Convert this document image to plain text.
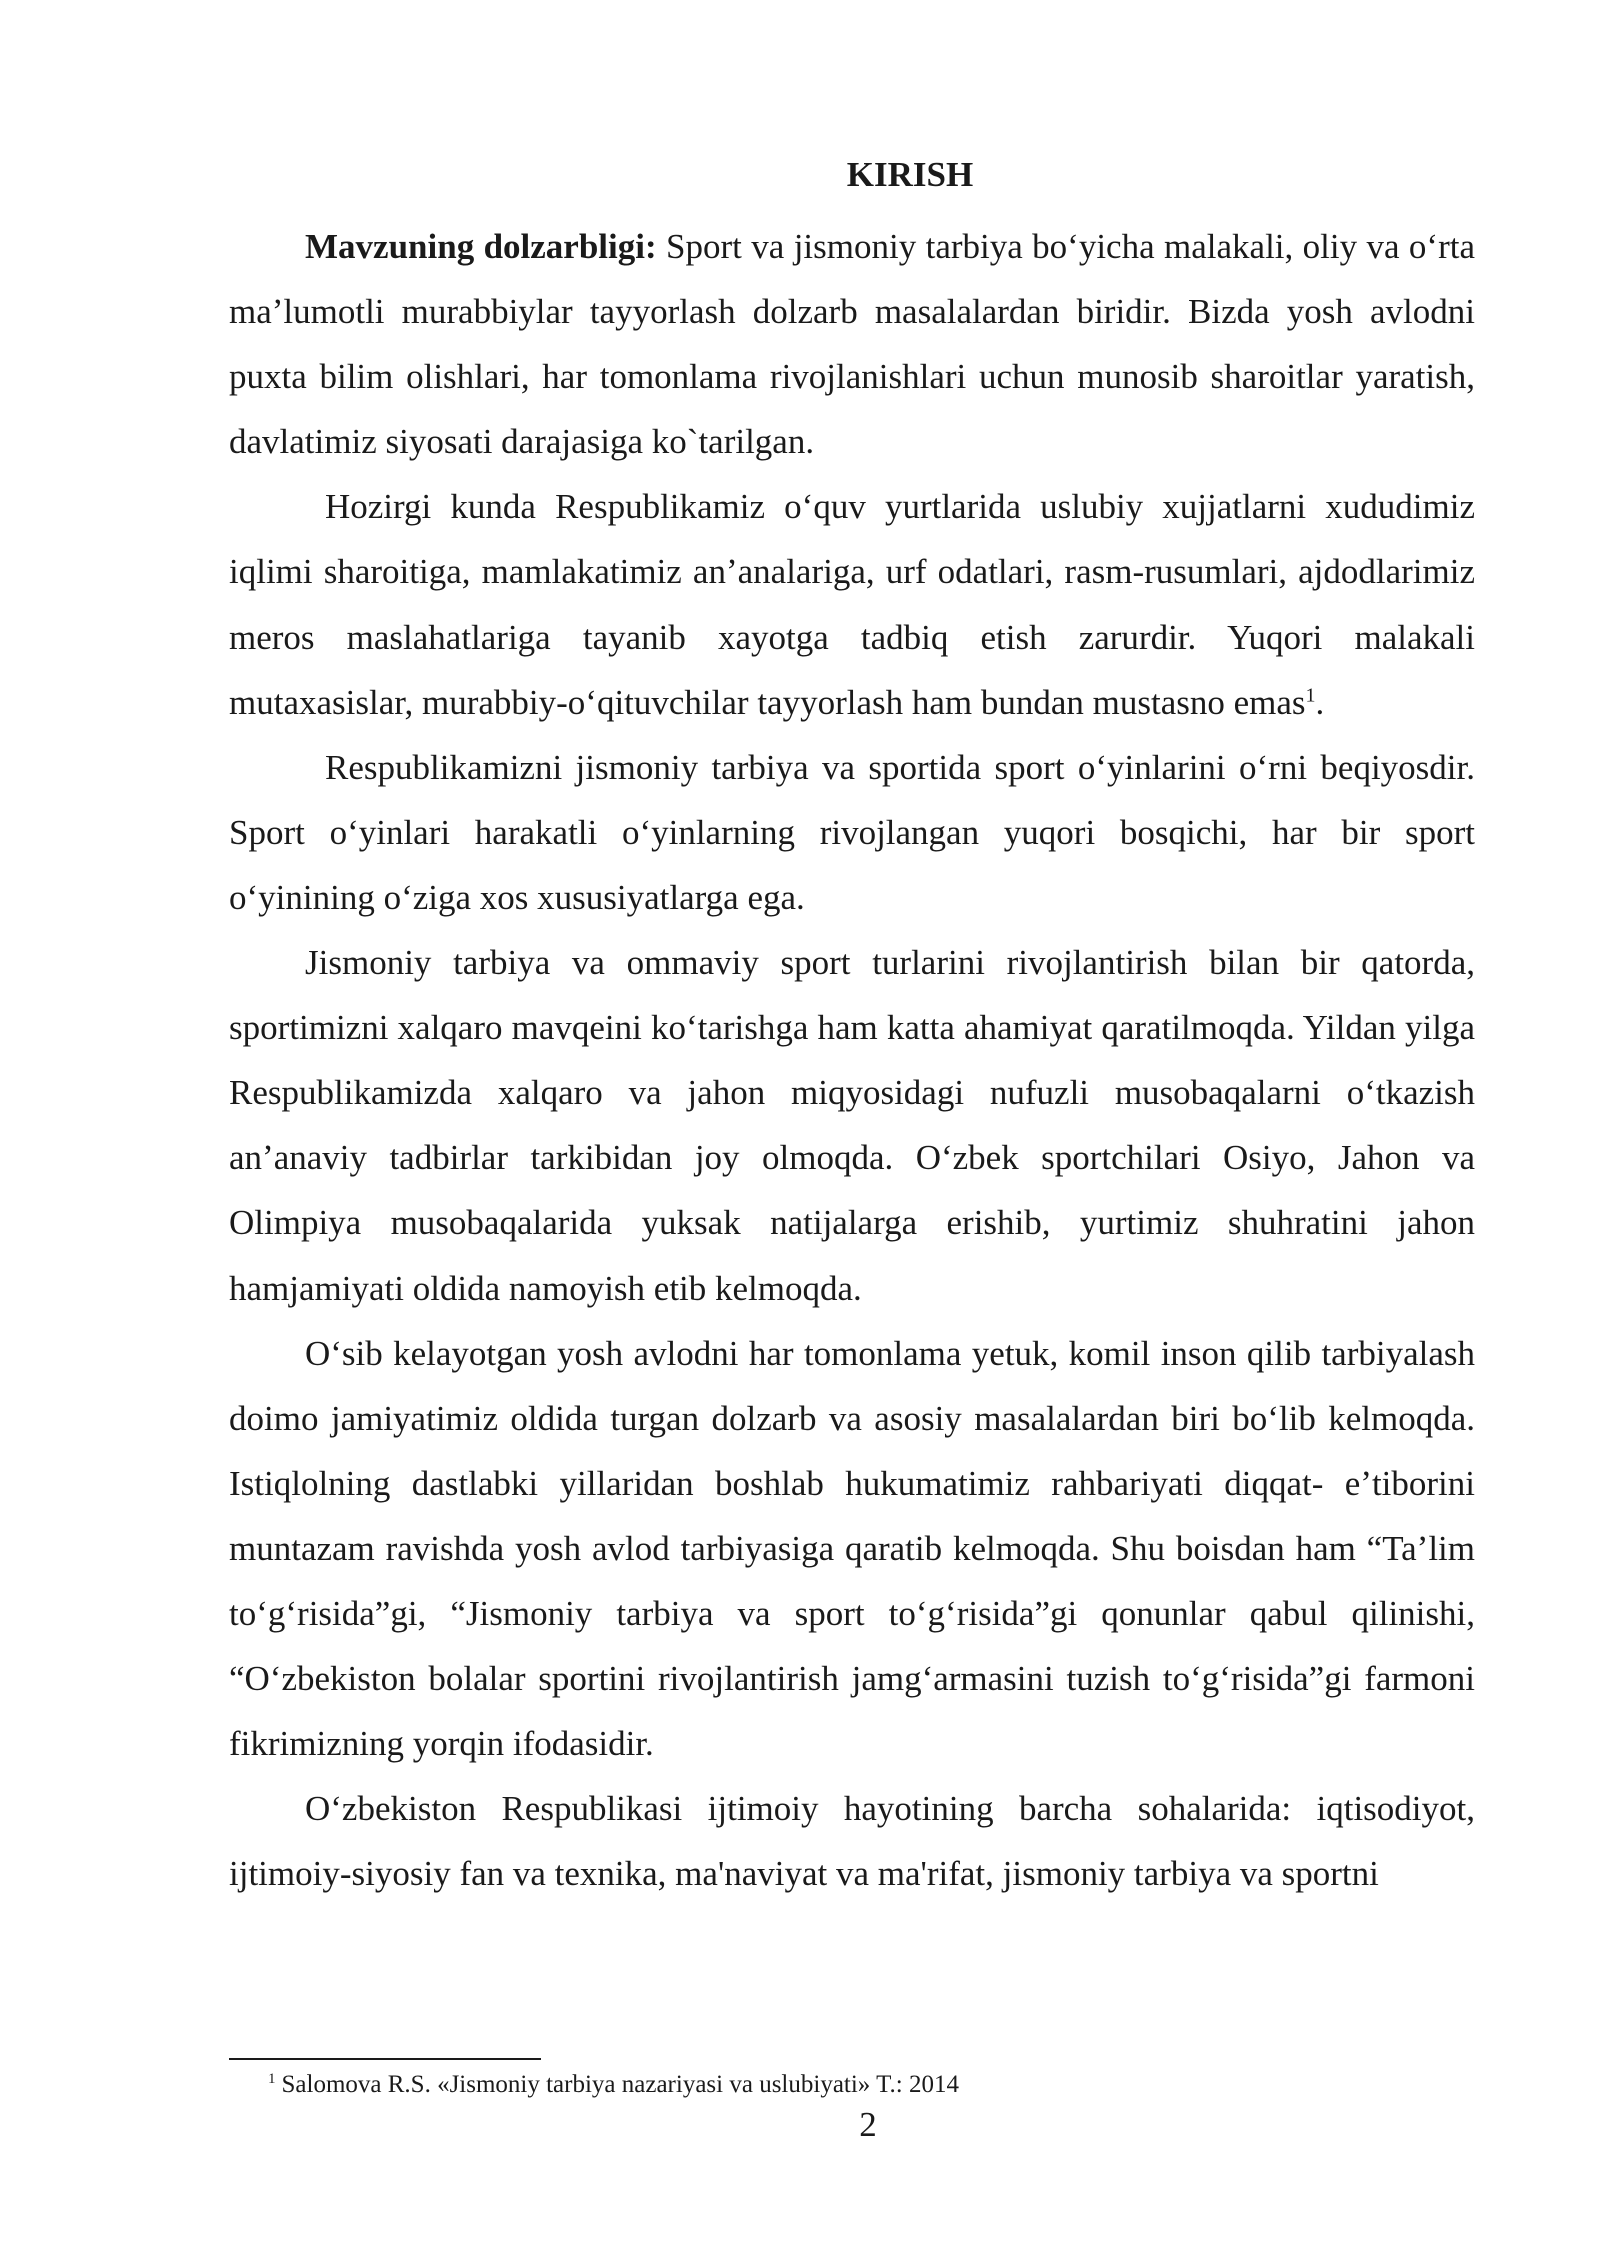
KIRISH

Mavzuning dolzarbligi: Sport va jismoniy tarbiya boʻyicha malakali, oliy va oʻrta maʼlumotli murabbiylar tayyorlash dolzarb masalalardan biridir. Bizda yosh avlodni puxta bilim olishlari, har tomonlama rivojlanishlari uchun munosib sharoitlar yaratish, davlatimiz siyosati darajasiga ko`tarilgan.

Hozirgi kunda Respublikamiz oʻquv yurtlarida uslubiy xujjatlarni xududimiz iqlimi sharoitiga, mamlakatimiz anʼanalariga, urf odatlari, rasm-rusumlari, ajdodlarimiz meros maslahatlariga tayanib xayotga tadbiq etish zarurdir. Yuqori malakali mutaxasislar, murabbiy-oʻqituvchilar tayyorlash ham bundan mustasno emas$^1$.

Respublikamizni jismoniy tarbiya va sportida sport oʻyinlarini oʻrni beqiyosdir. Sport oʻyinlari harakatli oʻyinlarning rivojlangan yuqori bosqichi, har bir sport oʻyinining oʻziga xos xususiyatlarga ega.

Jismoniy tarbiya va ommaviy sport turlarini rivojlantirish bilan bir qatorda, sportimizni xalqaro mavqeini koʻtarishga ham katta ahamiyat qaratilmoqda. Yildan yilga Respublikamizda xalqaro va jahon miqyosidagi nufuzli musobaqalarni oʻtkazish anʼanaviy tadbirlar tarkibidan joy olmoqda. Oʻzbek sportchilari Osiyo, Jahon va Olimpiya musobaqalarida yuksak natijalarga erishib, yurtimiz shuhratini jahon hamjamiyati oldida namoyish etib kelmoqda.

Oʻsib kelayotgan yosh avlodni har tomonlama yetuk, komil inson qilib tarbiyalash doimo jamiyatimiz oldida turgan dolzarb va asosiy masalalardan biri boʻlib kelmoqda. Istiqlolning dastlabki yillaridan boshlab hukumatimiz rahbariyati diqqat- eʼtiborini muntazam ravishda yosh avlod tarbiyasiga qaratib kelmoqda. Shu boisdan ham “Taʼlim toʻgʻrisida”gi, “Jismoniy tarbiya va sport toʻgʻrisida”gi qonunlar qabul qilinishi, “Oʻzbekiston bolalar sportini rivojlantirish jamgʻarmasini tuzish toʻgʻrisida”gi farmoni fikrimizning yorqin ifodasidir.

Oʻzbekiston Respublikasi ijtimoiy hayotining barcha sohalarida: iqtisodiyot, ijtimoiy-siyosiy fan va texnika, ma'naviyat va ma'rifat, jismoniy tarbiya va sportni

$^1$ Salomova R.S. «Jismoniy tarbiya nazariyasi va uslubiyati» T.: 2014

2
